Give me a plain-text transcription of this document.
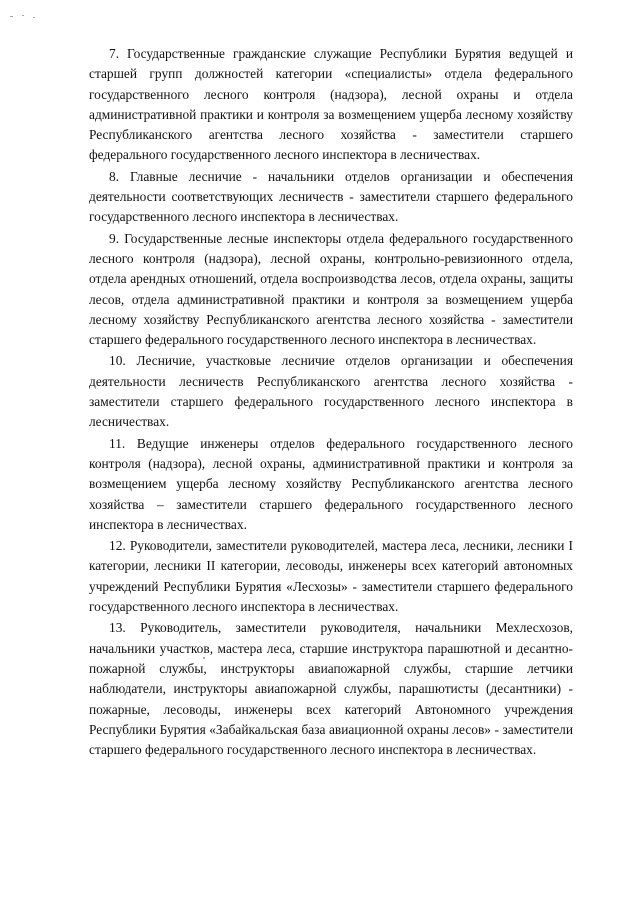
7. Государственные гражданские служащие Республики Бурятия ведущей и старшей групп должностей категории «специалисты» отдела федерального государственного лесного контроля (надзора), лесной охраны и отдела административной практики и контроля за возмещением ущерба лесному хозяйству Республиканского агентства лесного хозяйства - заместители старшего федерального государственного лесного инспектора в лесничествах.

8. Главные лесничие - начальники отделов организации и обеспечения деятельности соответствующих лесничеств - заместители старшего федерального государственного лесного инспектора в лесничествах.

9. Государственные лесные инспекторы отдела федерального государственного лесного контроля (надзора), лесной охраны, контрольно-ревизионного отдела, отдела арендных отношений, отдела воспроизводства лесов, отдела охраны, защиты лесов, отдела административной практики и контроля за возмещением ущерба лесному хозяйству Республиканского агентства лесного хозяйства - заместители старшего федерального государственного лесного инспектора в лесничествах.

10. Лесничие, участковые лесничие отделов организации и обеспечения деятельности лесничеств Республиканского агентства лесного хозяйства - заместители старшего федерального государственного лесного инспектора в лесничествах.

11. Ведущие инженеры отделов федерального государственного лесного контроля (надзора), лесной охраны, административной практики и контроля за возмещением ущерба лесному хозяйству Республиканского агентства лесного хозяйства – заместители старшего федерального государственного лесного инспектора в лесничествах.

12. Руководители, заместители руководителей, мастера леса, лесники, лесники I категории, лесники II категории, лесоводы, инженеры всех категорий автономных учреждений Республики Бурятия «Лесхозы» - заместители старшего федерального государственного лесного инспектора в лесничествах.

13. Руководитель, заместители руководителя, начальники Мехлесхозов, начальники участков, мастера леса, старшие инструктора парашютной и десантно-пожарной службы, инструкторы авиапожарной службы, старшие летчики наблюдатели, инструкторы авиапожарной службы, парашютисты (десантники) - пожарные, лесоводы, инженеры всех категорий Автономного учреждения Республики Бурятия «Забайкальская база авиационной охраны лесов» - заместители старшего федерального государственного лесного инспектора в лесничествах.
